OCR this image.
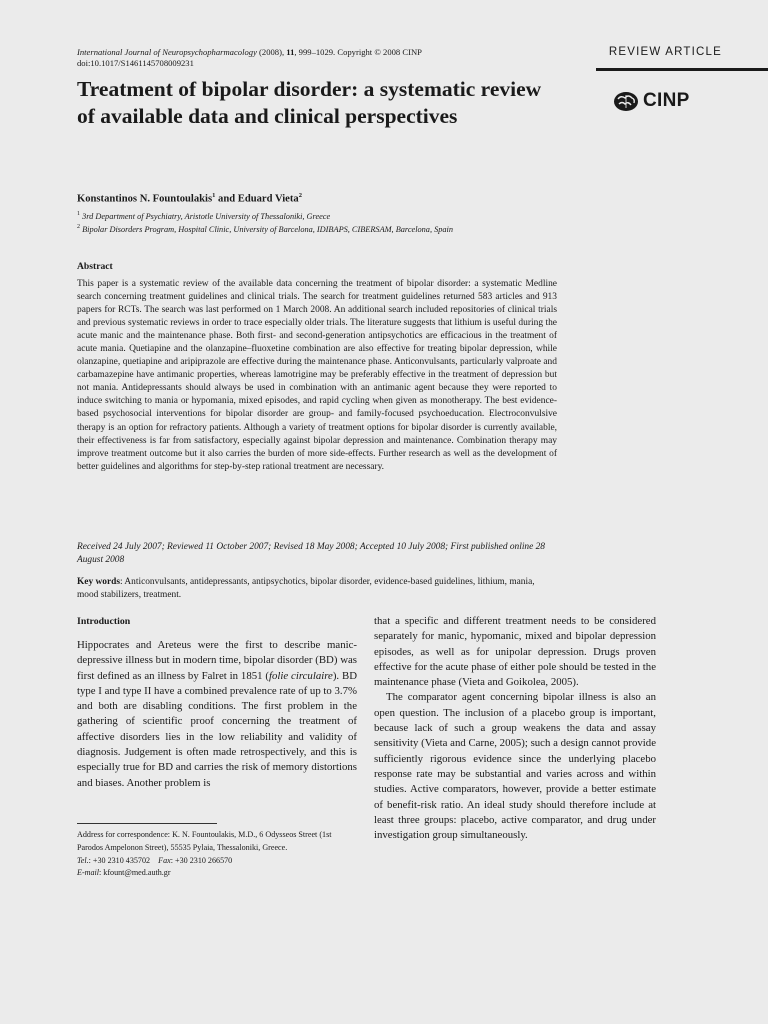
International Journal of Neuropsychopharmacology (2008), 11, 999–1029. Copyright © 2008 CINP
doi:10.1017/S1461145708009231
REVIEW ARTICLE
CINP
Treatment of bipolar disorder: a systematic review of available data and clinical perspectives
Konstantinos N. Fountoulakis$^1$ and Eduard Vieta$^2$
$^1$ 3rd Department of Psychiatry, Aristotle University of Thessaloniki, Greece
$^2$ Bipolar Disorders Program, Hospital Clinic, University of Barcelona, IDIBAPS, CIBERSAM, Barcelona, Spain
Abstract

This paper is a systematic review of the available data concerning the treatment of bipolar disorder: a systematic Medline search concerning treatment guidelines and clinical trials. The search for treatment guidelines returned 583 articles and 913 papers for RCTs. The search was last performed on 1 March 2008. An additional search included repositories of clinical trials and previous systematic reviews in order to trace especially older trials. The literature suggests that lithium is useful during the acute manic and the maintenance phase. Both first- and second-generation antipsychotics are efficacious in the treatment of acute mania. Quetiapine and the olanzapine–fluoxetine combination are also effective for treating bipolar depression, while olanzapine, quetiapine and aripiprazole are effective during the maintenance phase. Anticonvulsants, particularly valproate and carbamazepine have antimanic properties, whereas lamotrigine may be preferably effective in the treatment of depression but not mania. Antidepressants should always be used in combination with an antimanic agent because they were reported to induce switching to mania or hypomania, mixed episodes, and rapid cycling when given as monotherapy. The best evidence-based psychosocial interventions for bipolar disorder are group- and family-focused psychoeducation. Electroconvulsive therapy is an option for refractory patients. Although a variety of treatment options for bipolar disorder is currently available, their effectiveness is far from satisfactory, especially against bipolar depression and maintenance. Combination therapy may improve treatment outcome but it also carries the burden of more side-effects. Further research as well as the development of better guidelines and algorithms for step-by-step rational treatment are necessary.

Received 24 July 2007; Reviewed 11 October 2007; Revised 18 May 2008; Accepted 10 July 2008; First published online 28 August 2008

Key words: Anticonvulsants, antidepressants, antipsychotics, bipolar disorder, evidence-based guidelines, lithium, mania, mood stabilizers, treatment.

Introduction

Hippocrates and Areteus were the first to describe manic-depressive illness but in modern time, bipolar disorder (BD) was first defined as an illness by Falret in 1851 (folie circulaire). BD type I and type II have a combined prevalence rate of up to 3.7% and both are disabling conditions. The first problem in the gathering of scientific proof concerning the treatment of affective disorders lies in the low reliability and validity of diagnosis. Judgement is often made retrospectively, and this is especially true for BD and carries the risk of memory distortions and biases. Another problem is

that a specific and different treatment needs to be considered separately for manic, hypomanic, mixed and bipolar depression episodes, as well as for unipolar depression. Drugs proven effective for the acute phase of either pole should be tested in the maintenance phase (Vieta and Goikolea, 2005).

The comparator agent concerning bipolar illness is also an open question. The inclusion of a placebo group is important, because lack of such a group weakens the data and assay sensitivity (Vieta and Carne, 2005); such a design cannot provide sufficiently rigorous evidence since the underlying placebo response rate may be substantial and varies across and within studies. Active comparators, however, provide a better estimate of benefit-risk ratio. An ideal study should therefore include at least three groups: placebo, active comparator, and drug under investigation group simultaneously.

Address for correspondence: K. N. Fountoulakis, M.D., 6 Odysseos Street (1st Parodos Ampelonon Street), 55535 Pylaia, Thessaloniki, Greece.
Tel.: +30 2310 435702 Fax: +30 2310 266570
E-mail: kfount@med.auth.gr
